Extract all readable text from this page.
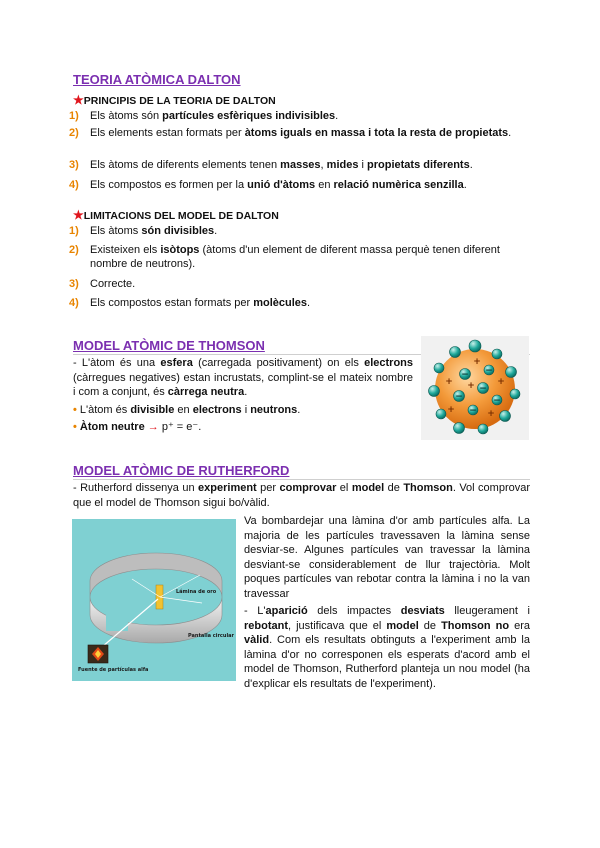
TEORIA ATÒMICA DALTON
★PRINCIPIS DE LA TEORIA DE DALTON
1) Els àtoms són partícules esfèriques indivisibles.
2) Els elements estan formats per àtoms iguals en massa i tota la resta de propietats.
3) Els àtoms de diferents elements tenen masses, mides i propietats diferents.
4) Els compostos es formen per la unió d'àtoms en relació numèrica senzilla.
★LIMITACIONS DEL MODEL DE DALTON
1) Els àtoms són divisibles.
2) Existeixen els isòtops (àtoms d'un element de diferent massa perquè tenen diferent nombre de neutrons).
3) Correcte.
4) Els compostos estan formats per molècules.
MODEL ATÒMIC DE THOMSON
- L'àtom és una esfera (carregada positivament) on els electrons (càrregues negatives) estan incrustats, complint-se el mateix nombre i com a conjunt, és càrrega neutra.
• L'àtom és divisible en electrons i neutrons.
• Àtom neutre → p⁺ = e⁻.
− −
−
−
−
−
+
+	+
+
+	+
MODEL ATÒMIC DE RUTHERFORD
- Rutherford dissenya un experiment per comprovar el model de Thomson. Vol comprovar que el model de Thomson sigui bo/vàlid.
Lámina de oro
Pantalla circular
Fuente de partículas alfa
Va bombardejar una làmina d'or amb partícules alfa. La majoria de les partícules travessaven la làmina sense desviar-se. Algunes partícules van travessar la làmina desviant-se considerablement de llur trajectòria. Molt poques partícules van rebotar contra la làmina i no la van travessar
- L'aparició dels impactes desviats lleugerament i rebotant, justificava que el model de Thomson no era vàlid. Com els resultats obtinguts a l'experiment amb la làmina d'or no corresponen els esperats d'acord amb el model de Thomson, Rutherford planteja un nou model (ha d'explicar els resultats de l'experiment).
